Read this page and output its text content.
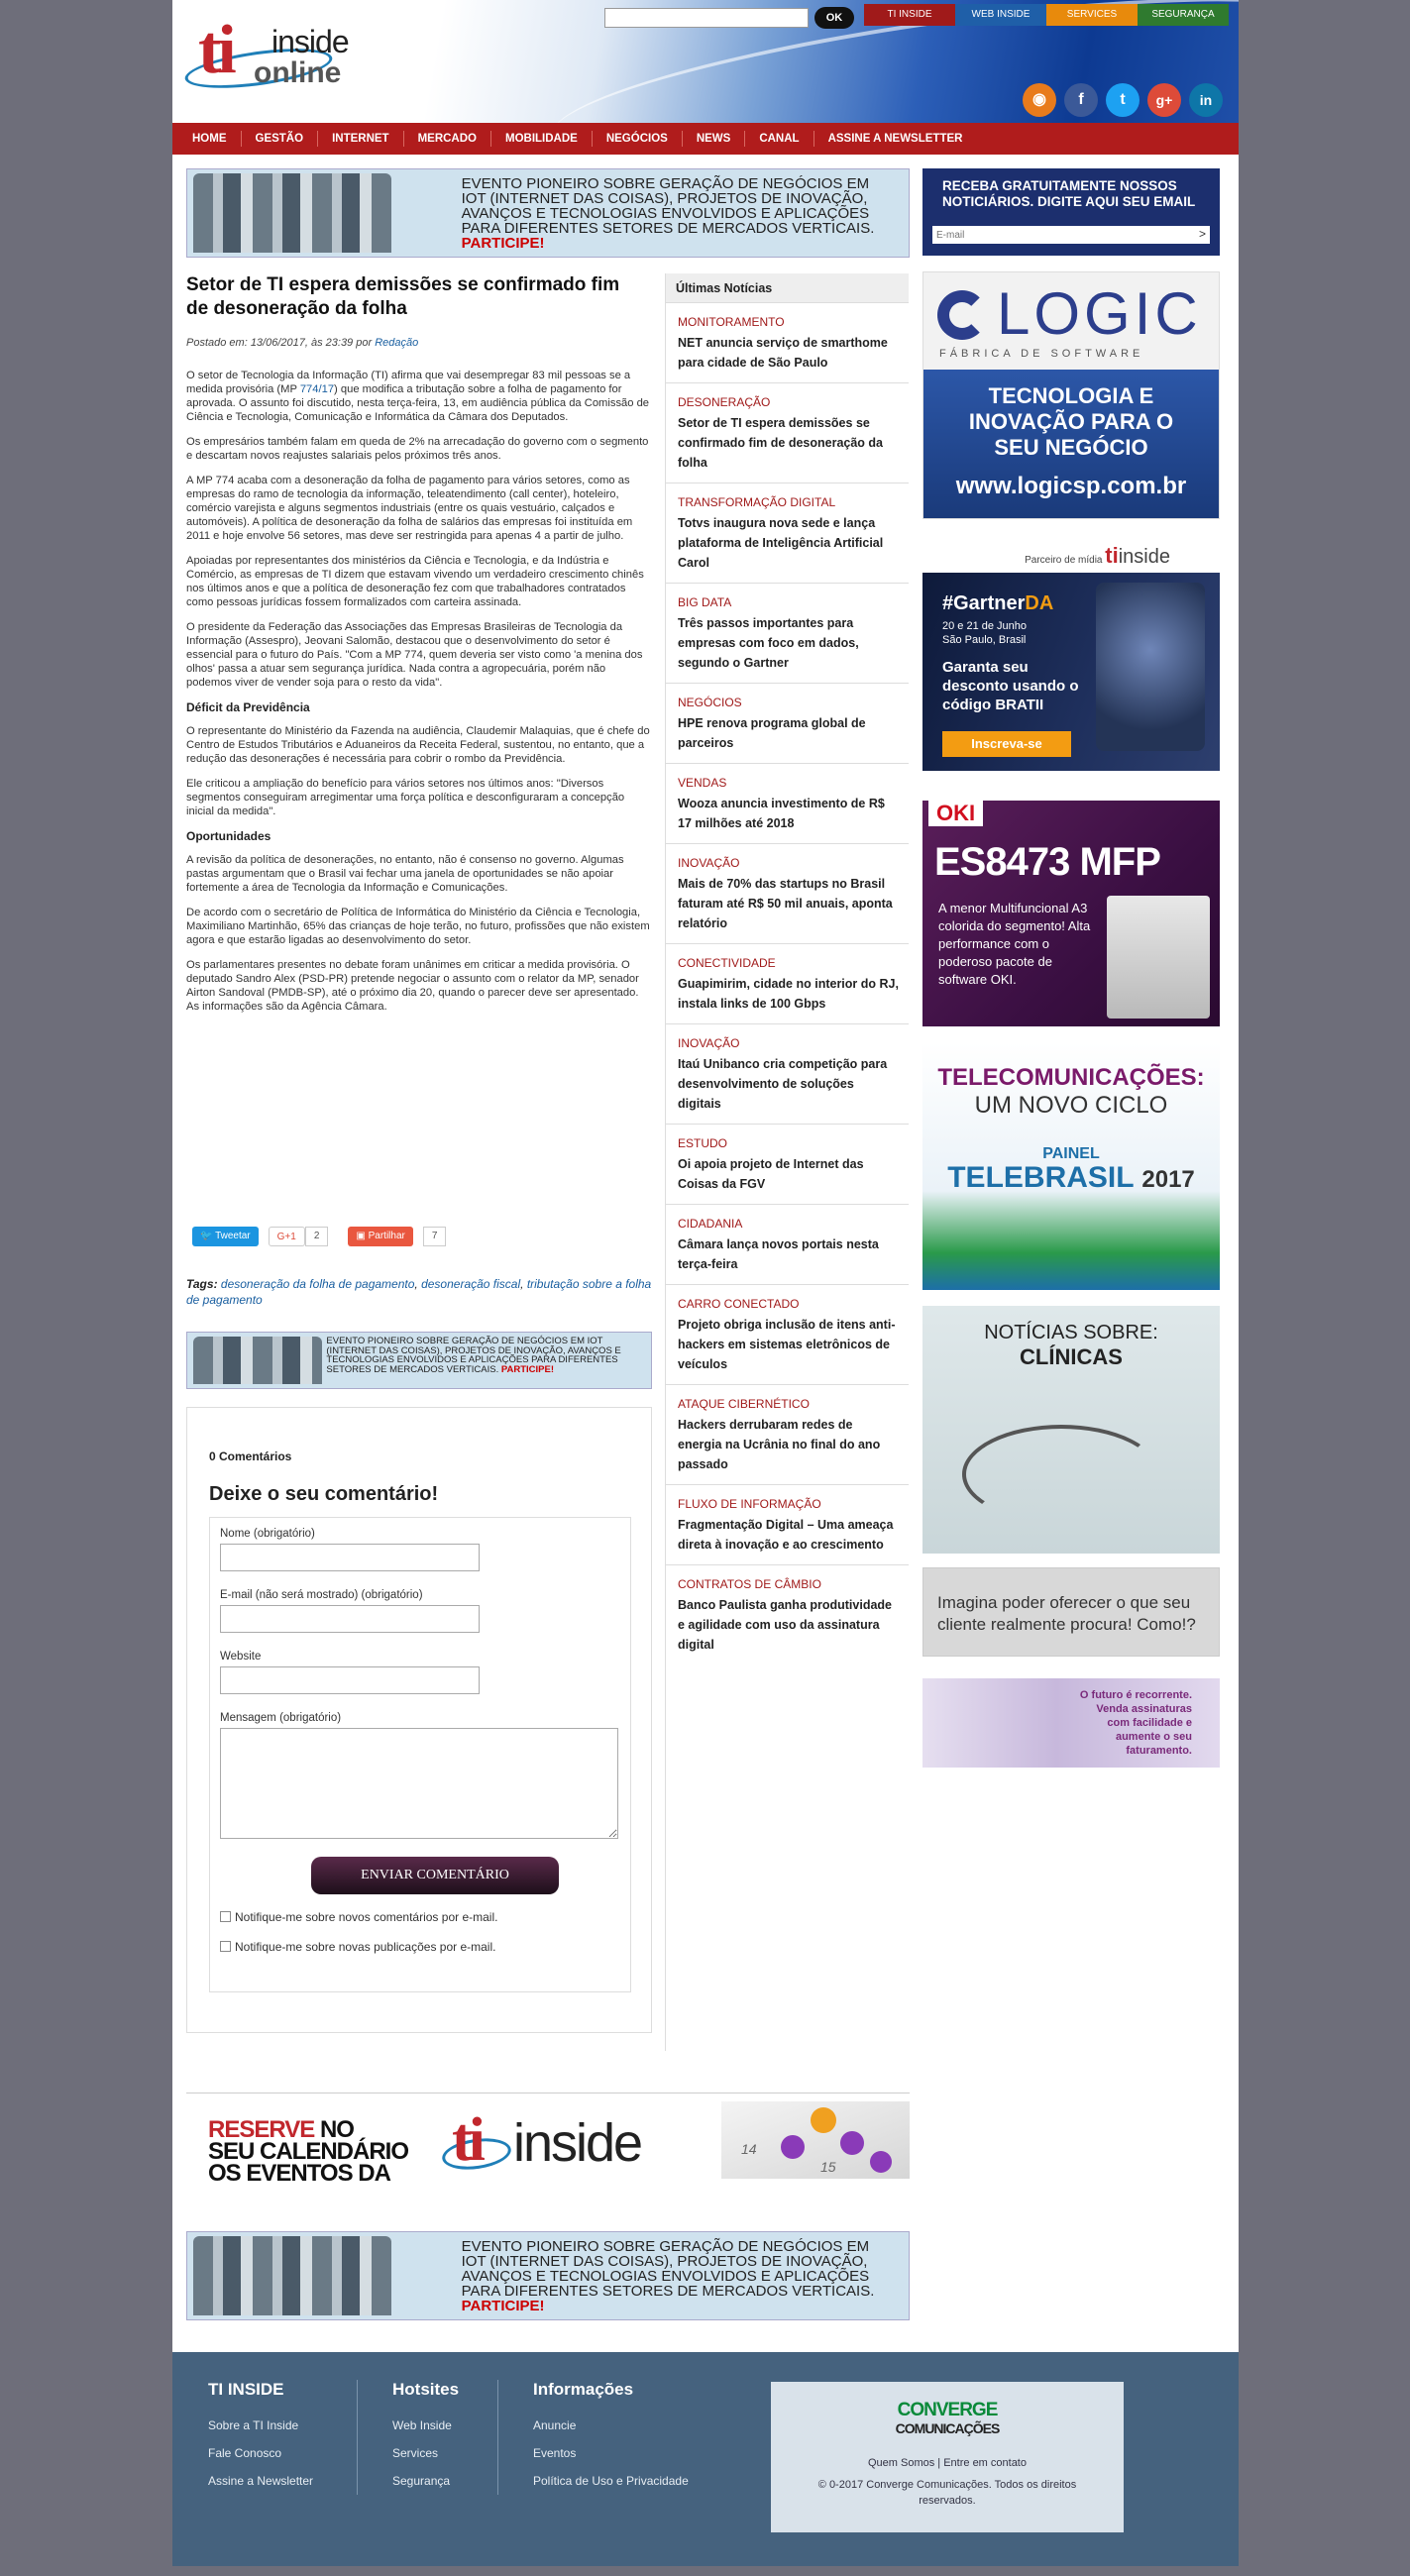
ti inside
online
OK	TI INSIDE	WEB INSIDE	SERVICES	SEGURANÇA
◉	f	t	g+	in
HOME	GESTÃO	INTERNET	MERCADO	MOBILIDADE	NEGÓCIOS	NEWS	CANAL	ASSINE A NEWSLETTER
EVENTO PIONEIRO SOBRE GERAÇÃO DE NEGÓCIOS EM IOT (INTERNET DAS COISAS), PROJETOS DE INOVAÇÃO, AVANÇOS E TECNOLOGIAS ENVOLVIDOS E APLICAÇÕES PARA DIFERENTES SETORES DE MERCADOS VERTICAIS. PARTICIPE!
Setor de TI espera demissões se confirmado fim de desoneração da folha
Postado em: 13/06/2017, às 23:39 por Redação

O setor de Tecnologia da Informação (TI) afirma que vai desempregar 83 mil pessoas se a medida provisória (MP 774/17) que modifica a tributação sobre a folha de pagamento for aprovada. O assunto foi discutido, nesta terça-feira, 13, em audiência pública da Comissão de Ciência e Tecnologia, Comunicação e Informática da Câmara dos Deputados.

Os empresários também falam em queda de 2% na arrecadação do governo com o segmento e descartam novos reajustes salariais pelos próximos três anos.

A MP 774 acaba com a desoneração da folha de pagamento para vários setores, como as empresas do ramo de tecnologia da informação, teleatendimento (call center), hoteleiro, comércio varejista e alguns segmentos industriais (entre os quais vestuário, calçados e automóveis). A política de desoneração da folha de salários das empresas foi instituída em 2011 e hoje envolve 56 setores, mas deve ser restringida para apenas 4 a partir de julho.

Apoiadas por representantes dos ministérios da Ciência e Tecnologia, e da Indústria e Comércio, as empresas de TI dizem que estavam vivendo um verdadeiro crescimento chinês nos últimos anos e que a política de desoneração fez com que trabalhadores contratados como pessoas jurídicas fossem formalizados com carteira assinada.

O presidente da Federação das Associações das Empresas Brasileiras de Tecnologia da Informação (Assespro), Jeovani Salomão, destacou que o desenvolvimento do setor é essencial para o futuro do País. "Com a MP 774, quem deveria ser visto como 'a menina dos olhos' passa a atuar sem segurança jurídica. Nada contra a agropecuária, porém não podemos viver de vender soja para o resto da vida".

Déficit da Previdência

O representante do Ministério da Fazenda na audiência, Claudemir Malaquias, que é chefe do Centro de Estudos Tributários e Aduaneiros da Receita Federal, sustentou, no entanto, que a redução das desonerações é necessária para cobrir o rombo da Previdência.

Ele criticou a ampliação do benefício para vários setores nos últimos anos: "Diversos segmentos conseguiram arregimentar uma força política e desconfiguraram a concepção inicial da medida".

Oportunidades

A revisão da política de desonerações, no entanto, não é consenso no governo. Algumas pastas argumentam que o Brasil vai fechar uma janela de oportunidades se não apoiar fortemente a área de Tecnologia da Informação e Comunicações.

De acordo com o secretário de Política de Informática do Ministério da Ciência e Tecnologia, Maximiliano Martinhão, 65% das crianças de hoje terão, no futuro, profissões que não existem agora e que estarão ligadas ao desenvolvimento do setor.

Os parlamentares presentes no debate foram unânimes em criticar a medida provisória. O deputado Sandro Alex (PSD-PR) pretende negociar o assunto com o relator da MP, senador Airton Sandoval (PMDB-SP), até o próximo dia 20, quando o parecer deve ser apresentado. As informações são da Agência Câmara.

🐦 Tweetar	G+1	2	▣ Partilhar	7
Tags: desoneração da folha de pagamento, desoneração fiscal, tributação sobre a folha de pagamento
EVENTO PIONEIRO SOBRE GERAÇÃO DE NEGÓCIOS EM IOT (INTERNET DAS COISAS), PROJETOS DE INOVAÇÃO, AVANÇOS E TECNOLOGIAS ENVOLVIDOS E APLICAÇÕES PARA DIFERENTES SETORES DE MERCADOS VERTICAIS. PARTICIPE!
0 Comentários
Deixe o seu comentário!
Nome (obrigatório)
E-mail (não será mostrado) (obrigatório)
Website
Mensagem (obrigatório)
ENVIAR COMENTÁRIO
Notifique-me sobre novos comentários por e-mail.
Notifique-me sobre novas publicações por e-mail.
Últimas Notícias
MONITORAMENTO
NET anuncia serviço de smarthome para cidade de São Paulo
DESONERAÇÃO
Setor de TI espera demissões se confirmado fim de desoneração da folha
TRANSFORMAÇÃO DIGITAL
Totvs inaugura nova sede e lança plataforma de Inteligência Artificial Carol
BIG DATA
Três passos importantes para empresas com foco em dados, segundo o Gartner
NEGÓCIOS
HPE renova programa global de parceiros
VENDAS
Wooza anuncia investimento de R$ 17 milhões até 2018
INOVAÇÃO
Mais de 70% das startups no Brasil faturam até R$ 50 mil anuais, aponta relatório
CONECTIVIDADE
Guapimirim, cidade no interior do RJ, instala links de 100 Gbps
INOVAÇÃO
Itaú Unibanco cria competição para desenvolvimento de soluções digitais
ESTUDO
Oi apoia projeto de Internet das Coisas da FGV
CIDADANIA
Câmara lança novos portais nesta terça-feira
CARRO CONECTADO
Projeto obriga inclusão de itens anti-hackers em sistemas eletrônicos de veículos
ATAQUE CIBERNÉTICO
Hackers derrubaram redes de energia na Ucrânia no final do ano passado
FLUXO DE INFORMAÇÃO
Fragmentação Digital – Uma ameaça direta à inovação e ao crescimento
CONTRATOS DE CÂMBIO
Banco Paulista ganha produtividade e agilidade com uso da assinatura digital
RECEBA GRATUITAMENTE NOSSOS NOTICIÁRIOS. DIGITE AQUI SEU EMAIL
E-mail
>
LOGIC
FÁBRICA DE SOFTWARE
TECNOLOGIA E INOVAÇÃO PARA O SEU NEGÓCIO
www.logicsp.com.br
Parceiro de mídia tiinside
#GartnerDA
20 e 21 de Junho
São Paulo, Brasil
Garanta seu desconto usando o código BRATII
Inscreva-se
OKI
ES8473 MFP
A menor Multifuncional A3 colorida do segmento! Alta performance com o poderoso pacote de software OKI.
TELECOMUNICAÇÕES:
UM NOVO CICLO
PAINEL
TELEBRASIL 2017
NOTÍCIAS SOBRE:
CLÍNICAS
Imagina poder oferecer o que seu cliente realmente procura! Como!?
O futuro é recorrente. Venda assinaturas com facilidade e aumente o seu faturamento.
RESERVE NO
SEU CALENDÁRIO
OS EVENTOS DA ti inside	14
15
EVENTO PIONEIRO SOBRE GERAÇÃO DE NEGÓCIOS EM IOT (INTERNET DAS COISAS), PROJETOS DE INOVAÇÃO, AVANÇOS E TECNOLOGIAS ENVOLVIDOS E APLICAÇÕES PARA DIFERENTES SETORES DE MERCADOS VERTICAIS. PARTICIPE!
TI INSIDE
Sobre a TI Inside
Fale Conosco
Assine a Newsletter
Hotsites
Web Inside
Services
Segurança
Informações
Anuncie
Eventos
Política de Uso e Privacidade
CONVERGE
COMUNICAÇÕES
Quem Somos | Entre em contato
© 0-2017 Converge Comunicações. Todos os direitos reservados.
